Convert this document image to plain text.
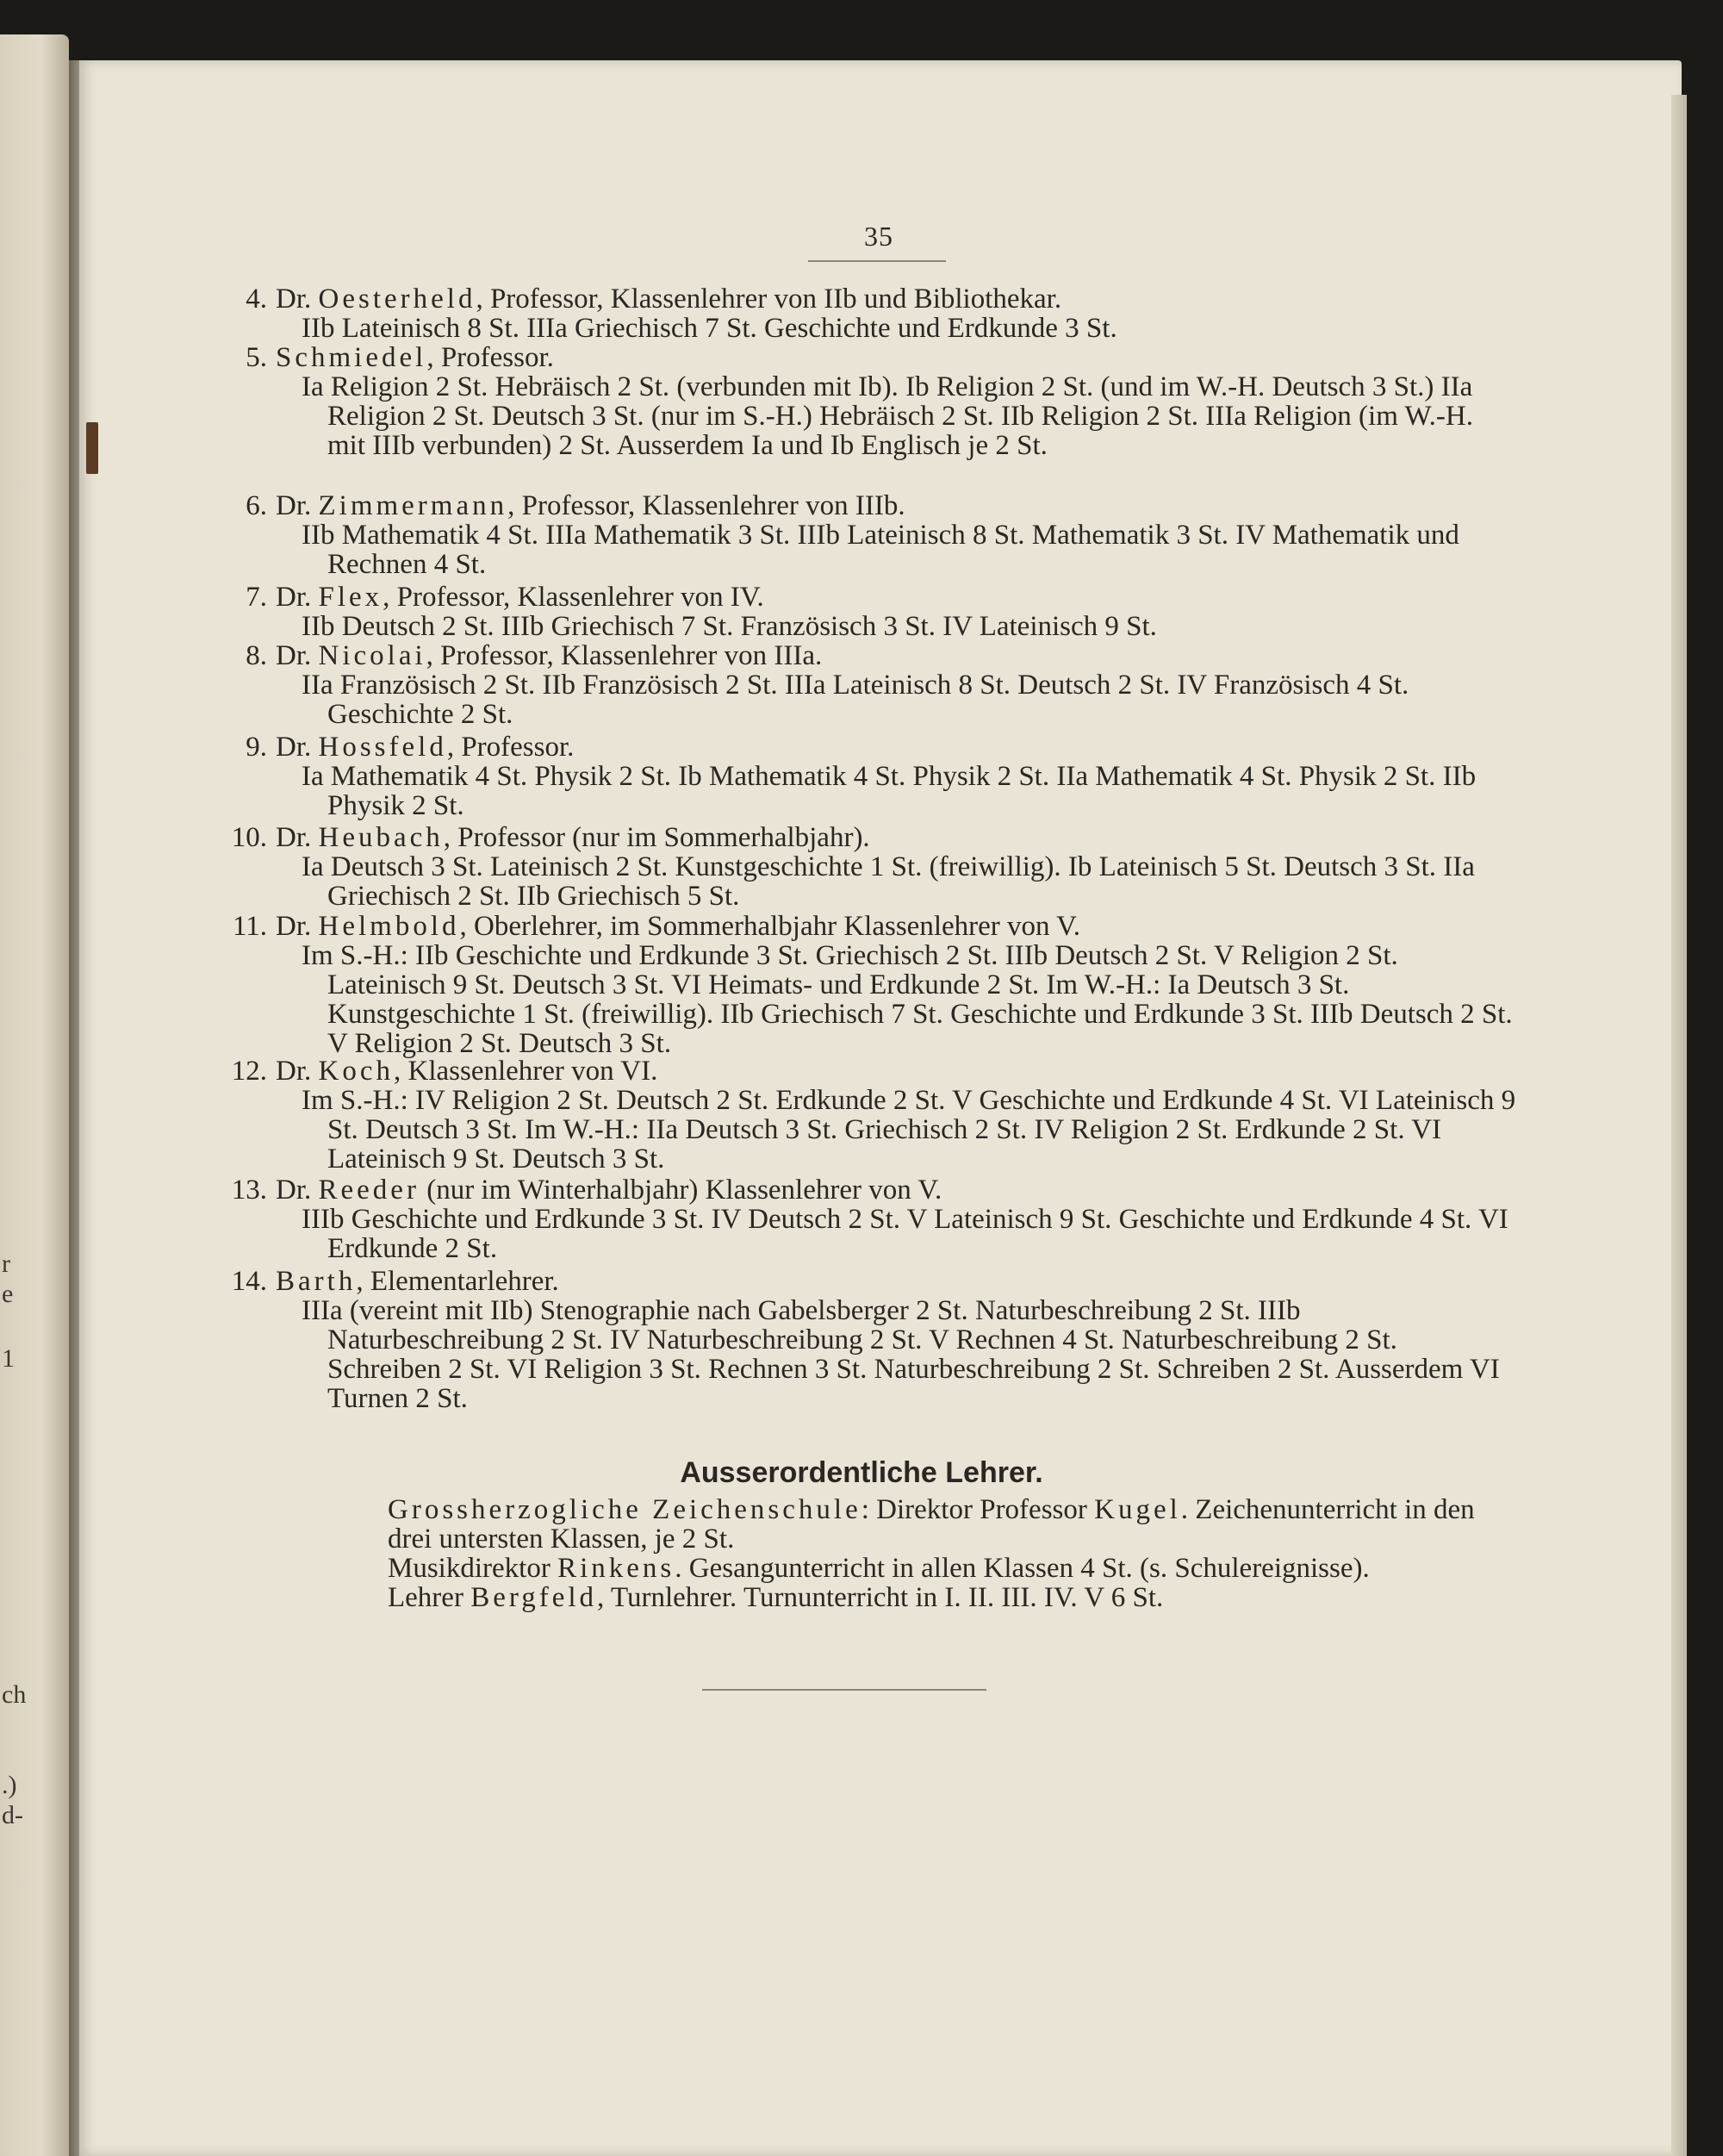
r
e
1
ch
.)
d-
35
4. Dr. Oesterheld, Professor, Klassenlehrer von IIb und Bibliothekar.
IIb Lateinisch 8 St. IIIa Griechisch 7 St. Geschichte und Erdkunde 3 St.
5. Schmiedel, Professor.
Ia Religion 2 St. Hebräisch 2 St. (verbunden mit Ib). Ib Religion 2 St. (und im W.-H. Deutsch 3 St.) IIa Religion 2 St. Deutsch 3 St. (nur im S.-H.) Hebräisch 2 St. IIb Religion 2 St. IIIa Religion (im W.-H. mit IIIb verbunden) 2 St. Ausserdem Ia und Ib Englisch je 2 St.
6. Dr. Zimmermann, Professor, Klassenlehrer von IIIb.
IIb Mathematik 4 St. IIIa Mathematik 3 St. IIIb Lateinisch 8 St. Mathematik 3 St. IV Mathematik und Rechnen 4 St.
7. Dr. Flex, Professor, Klassenlehrer von IV.
IIb Deutsch 2 St. IIIb Griechisch 7 St. Französisch 3 St. IV Lateinisch 9 St.
8. Dr. Nicolai, Professor, Klassenlehrer von IIIa.
IIa Französisch 2 St. IIb Französisch 2 St. IIIa Lateinisch 8 St. Deutsch 2 St. IV Französisch 4 St. Geschichte 2 St.
9. Dr. Hossfeld, Professor.
Ia Mathematik 4 St. Physik 2 St. Ib Mathematik 4 St. Physik 2 St. IIa Mathematik 4 St. Physik 2 St. IIb Physik 2 St.
10. Dr. Heubach, Professor (nur im Sommerhalbjahr).
Ia Deutsch 3 St. Lateinisch 2 St. Kunstgeschichte 1 St. (freiwillig). Ib Lateinisch 5 St. Deutsch 3 St. IIa Griechisch 2 St. IIb Griechisch 5 St.
11. Dr. Helmbold, Oberlehrer, im Sommerhalbjahr Klassenlehrer von V.
Im S.-H.: IIb Geschichte und Erdkunde 3 St. Griechisch 2 St. IIIb Deutsch 2 St. V Religion 2 St. Lateinisch 9 St. Deutsch 3 St. VI Heimats- und Erdkunde 2 St. Im W.-H.: Ia Deutsch 3 St. Kunstgeschichte 1 St. (freiwillig). IIb Griechisch 7 St. Geschichte und Erdkunde 3 St. IIIb Deutsch 2 St. V Religion 2 St. Deutsch 3 St.
12. Dr. Koch, Klassenlehrer von VI.
Im S.-H.: IV Religion 2 St. Deutsch 2 St. Erdkunde 2 St. V Geschichte und Erdkunde 4 St. VI Lateinisch 9 St. Deutsch 3 St. Im W.-H.: IIa Deutsch 3 St. Griechisch 2 St. IV Religion 2 St. Erdkunde 2 St. VI Lateinisch 9 St. Deutsch 3 St.
13. Dr. Reeder (nur im Winterhalbjahr) Klassenlehrer von V.
IIIb Geschichte und Erdkunde 3 St. IV Deutsch 2 St. V Lateinisch 9 St. Geschichte und Erdkunde 4 St. VI Erdkunde 2 St.
14. Barth, Elementarlehrer.
IIIa (vereint mit IIb) Stenographie nach Gabelsberger 2 St. Naturbeschreibung 2 St. IIIb Naturbeschreibung 2 St. IV Naturbeschreibung 2 St. V Rechnen 4 St. Naturbeschreibung 2 St. Schreiben 2 St. VI Religion 3 St. Rechnen 3 St. Naturbeschreibung 2 St. Schreiben 2 St. Ausserdem VI Turnen 2 St.
Ausserordentliche Lehrer.
Grossherzogliche Zeichenschule: Direktor Professor Kugel. Zeichenunterricht in den drei untersten Klassen, je 2 St.
Musikdirektor Rinkens. Gesangunterricht in allen Klassen 4 St. (s. Schulereignisse).
Lehrer Bergfeld, Turnlehrer. Turnunterricht in I. II. III. IV. V 6 St.
